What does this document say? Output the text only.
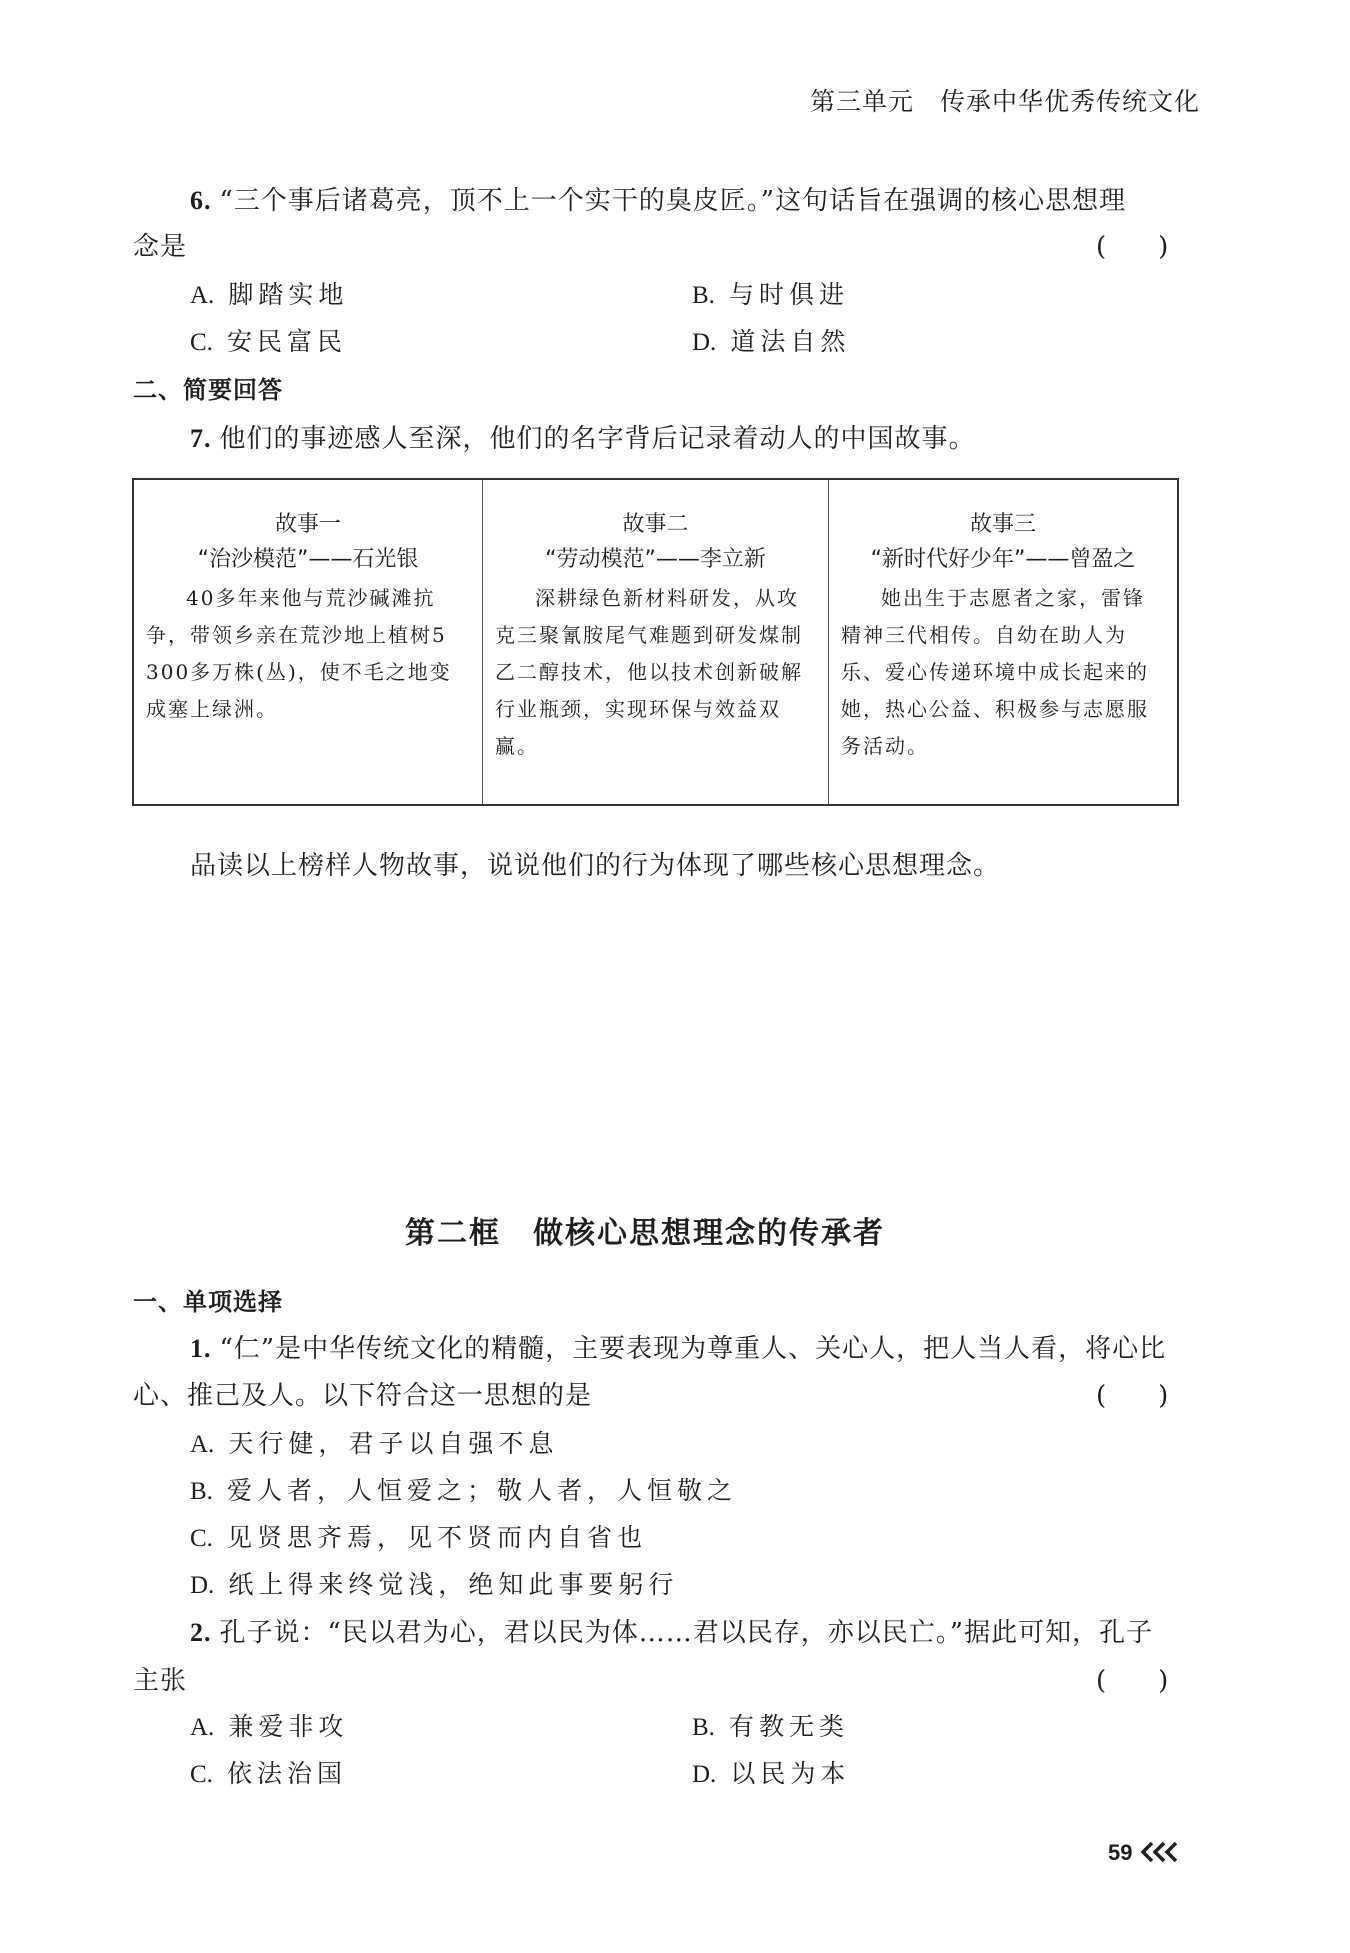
第三单元　传承中华优秀传统文化
6. “三个事后诸葛亮，顶不上一个实干的臭皮匠。”这句话旨在强调的核心思想理
念是	(　　)
A. 脚踏实地	B. 与时俱进
C. 安民富民	D. 道法自然
二、简要回答
7. 他们的事迹感人至深，他们的名字背后记录着动人的中国故事。
故事一
“治沙模范”——石光银
40多年来他与荒沙碱滩抗争，带领乡亲在荒沙地上植树5 300多万株(丛)，使不毛之地变成塞上绿洲。
故事二
“劳动模范”——李立新
深耕绿色新材料研发，从攻克三聚氰胺尾气难题到研发煤制乙二醇技术，他以技术创新破解行业瓶颈，实现环保与效益双赢。
故事三
“新时代好少年”——曾盈之
她出生于志愿者之家，雷锋精神三代相传。自幼在助人为乐、爱心传递环境中成长起来的她，热心公益、积极参与志愿服务活动。
品读以上榜样人物故事，说说他们的行为体现了哪些核心思想理念。
第二框　做核心思想理念的传承者
一、单项选择
1. “仁”是中华传统文化的精髓，主要表现为尊重人、关心人，把人当人看，将心比
心、推己及人。以下符合这一思想的是	(　　)
A. 天行健，君子以自强不息
B. 爱人者，人恒爱之；敬人者，人恒敬之
C. 见贤思齐焉，见不贤而内自省也
D. 纸上得来终觉浅，绝知此事要躬行
2. 孔子说：“民以君为心，君以民为体……君以民存，亦以民亡。”据此可知，孔子
主张	(　　)
A. 兼爱非攻	B. 有教无类
C. 依法治国	D. 以民为本
59
